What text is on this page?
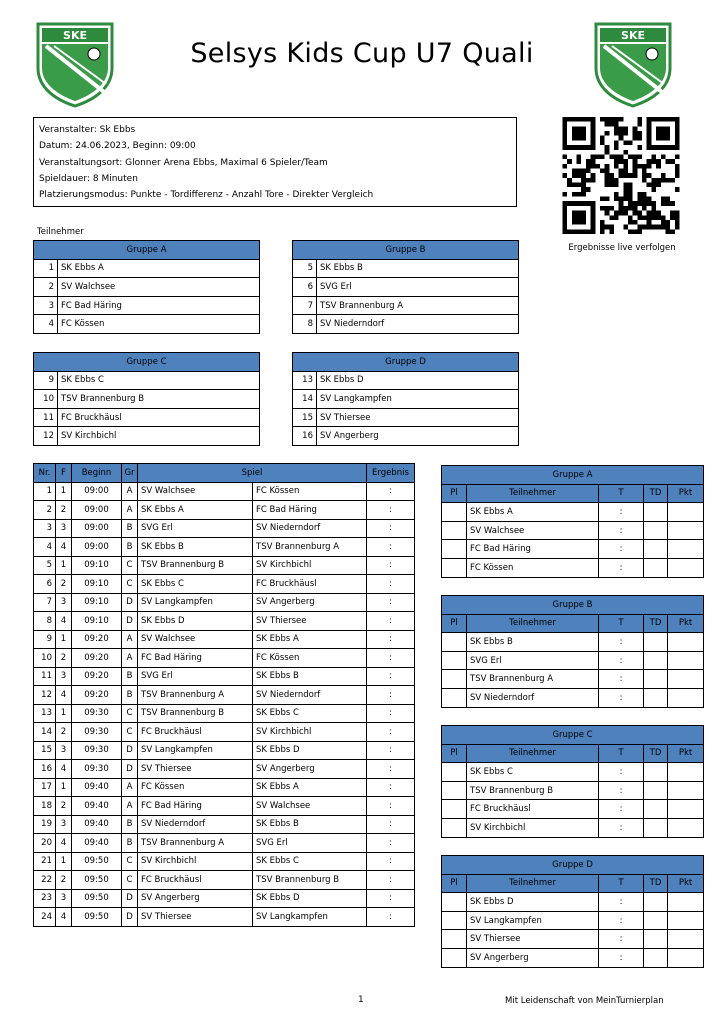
Selsys Kids Cup U7 Quali
SKE	SKE
Veranstalter: Sk Ebbs
Datum: 24.06.2023, Beginn: 09:00
Veranstaltungsort: Glonner Arena Ebbs, Maximal 6 Spieler/Team
Spieldauer: 8 Minuten
Platzierungsmodus: Punkte - Tordifferenz - Anzahl Tore - Direkter Vergleich
Ergebnisse live verfolgen
Teilnehmer
Gruppe A	
1	SK Ebbs A
2	SV Walchsee
3	FC Bad Häring
4	FC Kössen
Gruppe B	
5	SK Ebbs B
6	SVG Erl
7	TSV Brannenburg A
8	SV Niederndorf
Gruppe C	
9	SK Ebbs C
10	TSV Brannenburg B
11	FC Bruckhäusl
12	SV Kirchbichl
Gruppe D	
13	SK Ebbs D
14	SV Langkampfen
15	SV Thiersee
16	SV Angerberg
Nr.	F	Beginn	Gr	Spiel		Ergebnis
1	1	09:00	A	SV Walchsee	FC Kössen	:
2	2	09:00	A	SK Ebbs A	FC Bad Häring	:
3	3	09:00	B	SVG Erl	SV Niederndorf	:
4	4	09:00	B	SK Ebbs B	TSV Brannenburg A	:
5	1	09:10	C	TSV Brannenburg B	SV Kirchbichl	:
6	2	09:10	C	SK Ebbs C	FC Bruckhäusl	:
7	3	09:10	D	SV Langkampfen	SV Angerberg	:
8	4	09:10	D	SK Ebbs D	SV Thiersee	:
9	1	09:20	A	SV Walchsee	SK Ebbs A	:
10	2	09:20	A	FC Bad Häring	FC Kössen	:
11	3	09:20	B	SVG Erl	SK Ebbs B	:
12	4	09:20	B	TSV Brannenburg A	SV Niederndorf	:
13	1	09:30	C	TSV Brannenburg B	SK Ebbs C	:
14	2	09:30	C	FC Bruckhäusl	SV Kirchbichl	:
15	3	09:30	D	SV Langkampfen	SK Ebbs D	:
16	4	09:30	D	SV Thiersee	SV Angerberg	:
17	1	09:40	A	FC Kössen	SK Ebbs A	:
18	2	09:40	A	FC Bad Häring	SV Walchsee	:
19	3	09:40	B	SV Niederndorf	SK Ebbs B	:
20	4	09:40	B	TSV Brannenburg A	SVG Erl	:
21	1	09:50	C	SV Kirchbichl	SK Ebbs C	:
22	2	09:50	C	FC Bruckhäusl	TSV Brannenburg B	:
23	3	09:50	D	SV Angerberg	SK Ebbs D	:
24	4	09:50	D	SV Thiersee	SV Langkampfen	:
Gruppe A				
Pl	Teilnehmer	T	TD	Pkt
	SK Ebbs A	:		
	SV Walchsee	:		
	FC Bad Häring	:		
	FC Kössen	:		
Gruppe B				
Pl	Teilnehmer	T	TD	Pkt
	SK Ebbs B	:		
	SVG Erl	:		
	TSV Brannenburg A	:		
	SV Niederndorf	:		
Gruppe C				
Pl	Teilnehmer	T	TD	Pkt
	SK Ebbs C	:		
	TSV Brannenburg B	:		
	FC Bruckhäusl	:		
	SV Kirchbichl	:		
Gruppe D				
Pl	Teilnehmer	T	TD	Pkt
	SK Ebbs D	:		
	SV Langkampfen	:		
	SV Thiersee	:		
	SV Angerberg	:		
1	Mit Leidenschaft von MeinTurnierplan
